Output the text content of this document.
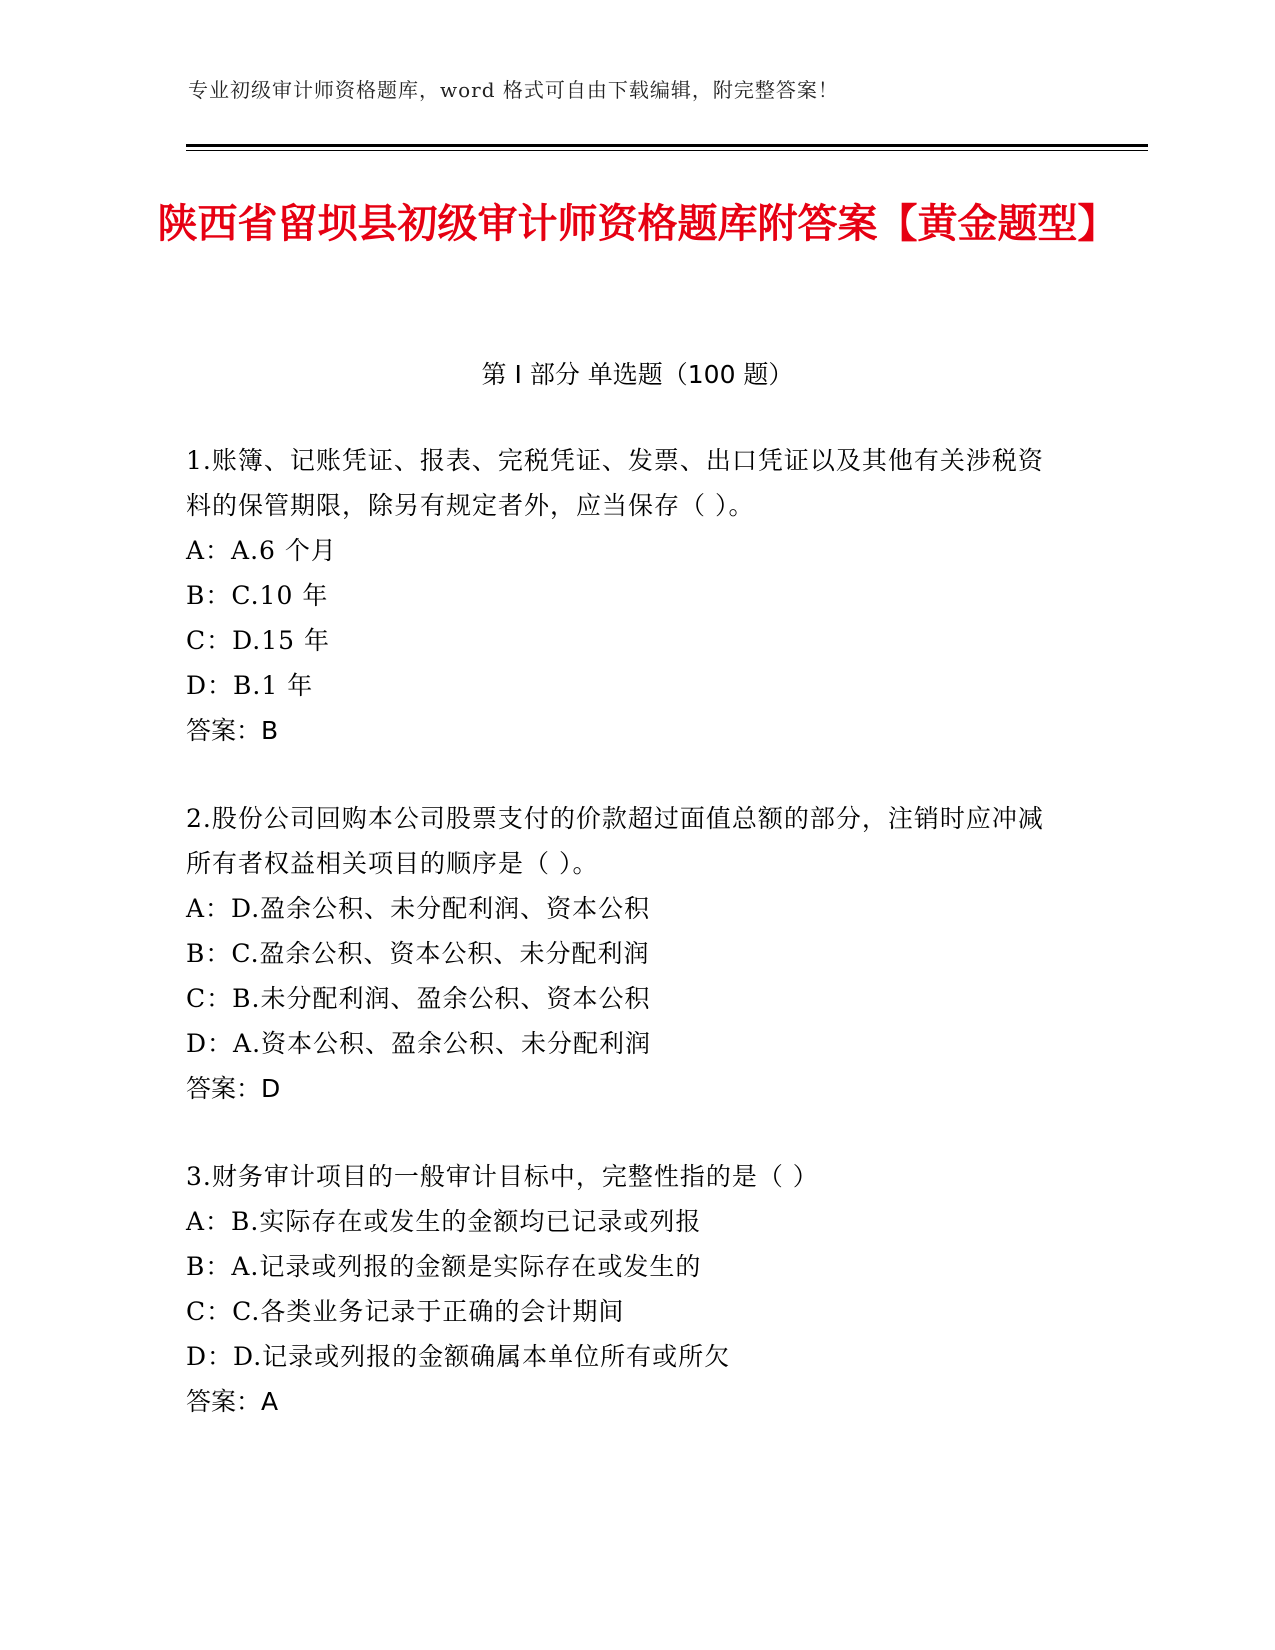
专业初级审计师资格题库，word 格式可自由下载编辑，附完整答案！
陕西省留坝县初级审计师资格题库附答案【黄金题型】
第 I 部分 单选题（100 题）
1.账簿、记账凭证、报表、完税凭证、发票、出口凭证以及其他有关涉税资料的保管期限，除另有规定者外，应当保存（ ）。
A：A.6 个月
B：C.10 年
C：D.15 年
D：B.1 年
答案：B
2.股份公司回购本公司股票支付的价款超过面值总额的部分，注销时应冲减所有者权益相关项目的顺序是（ ）。
A：D.盈余公积、未分配利润、资本公积
B：C.盈余公积、资本公积、未分配利润
C：B.未分配利润、盈余公积、资本公积
D：A.资本公积、盈余公积、未分配利润
答案：D
3.财务审计项目的一般审计目标中，完整性指的是（ ）
A：B.实际存在或发生的金额均已记录或列报
B：A.记录或列报的金额是实际存在或发生的
C：C.各类业务记录于正确的会计期间
D：D.记录或列报的金额确属本单位所有或所欠
答案：A
